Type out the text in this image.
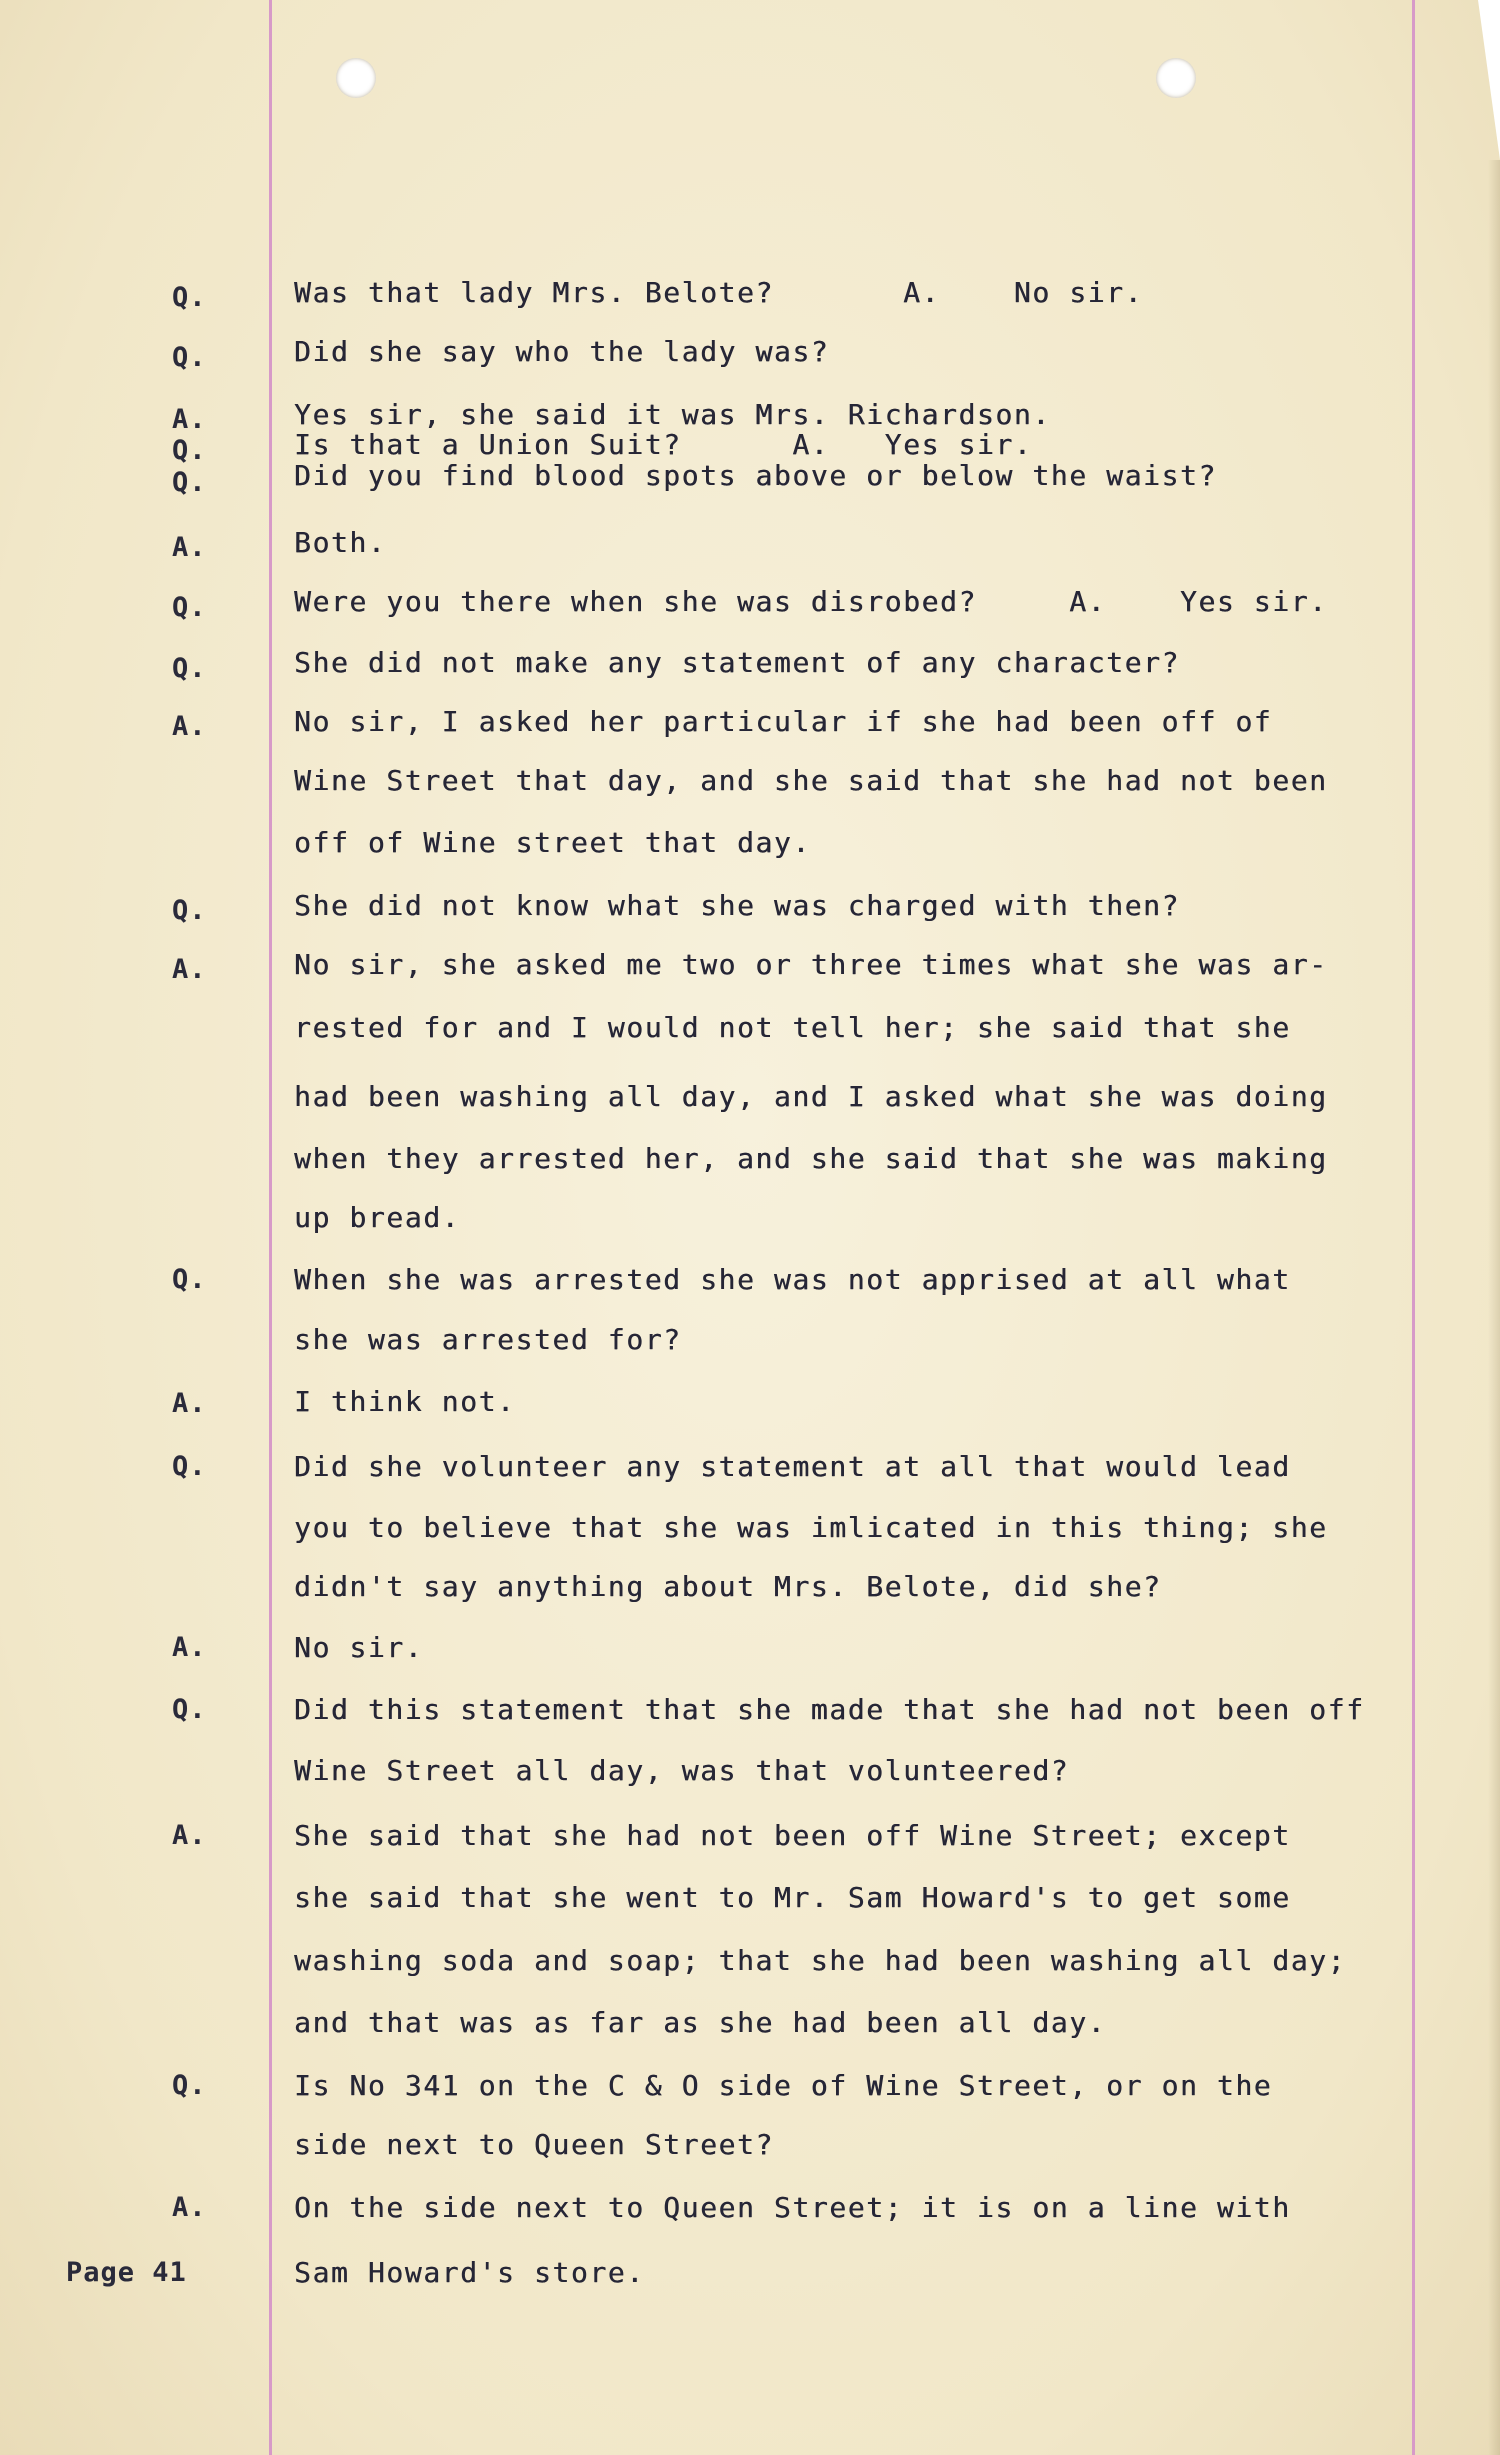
Q.
Q.
A.
Q.
Q.
A.
Q.
Q.
A.
Q.
A.
Q.
A.
Q.
A.
Q.
A.
Q.
A.
Was that lady Mrs. Belote?       A.    No sir.
Did she say who the lady was?
Yes sir, she said it was Mrs. Richardson.
Is that a Union Suit?      A.   Yes sir.
Did you find blood spots above or below the waist?
Both.
Were you there when she was disrobed?     A.    Yes sir.
She did not make any statement of any character?
No sir, I asked her particular if she had been off of
Wine Street that day, and she said that she had not been
off of Wine street that day.
She did not know what she was charged with then?
No sir, she asked me two or three times what she was ar-
rested for and I would not tell her; she said that she
had been washing all day, and I asked what she was doing
when they arrested her, and she said that she was making
up bread.
When she was arrested she was not apprised at all what
she was arrested for?
I think not.
Did she volunteer any statement at all that would lead
you to believe that she was imlicated in this thing; she
didn't say anything about Mrs. Belote, did she?
No sir.
Did this statement that she made that she had not been off
Wine Street all day, was that volunteered?
She said that she had not been off Wine Street; except
she said that she went to Mr. Sam Howard's to get some
washing soda and soap; that she had been washing all day;
and that was as far as she had been all day.
Is No 341 on the C & O side of Wine Street, or on the
side next to Queen Street?
On the side next to Queen Street; it is on a line with
Sam Howard's store.
Page 41
